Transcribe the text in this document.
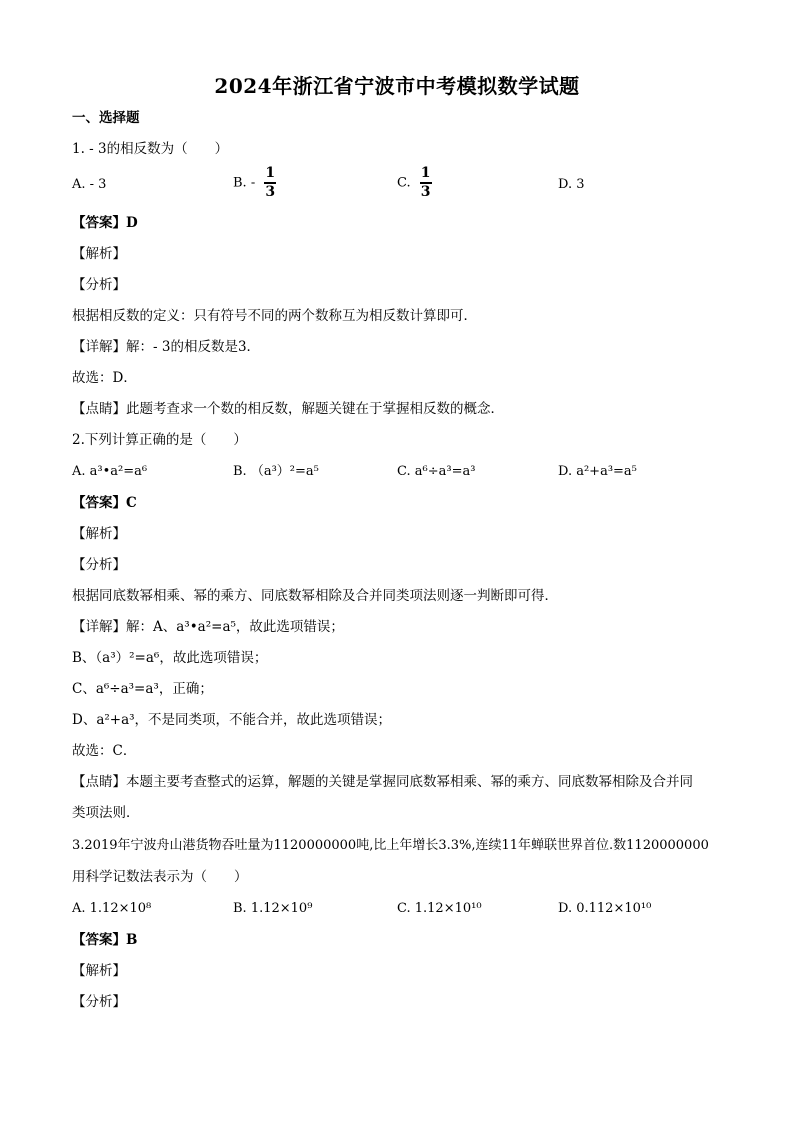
2024年浙江省宁波市中考模拟数学试题
一、选择题
1. - 3的相反数为（　　）
A. - 3	B. - $\frac{1}{3}$	C. $\frac{1}{3}$	D. 3
【答案】D
【解析】
【分析】
根据相反数的定义：只有符号不同的两个数称互为相反数计算即可．
【详解】解：- 3的相反数是3．
故选：D．
【点睛】此题考查求一个数的相反数，解题关键在于掌握相反数的概念．
2.下列计算正确的是（　　）
A. a³•a²=a⁶	B. （a³）²=a⁵	C. a⁶÷a³=a³	D. a²+a³=a⁵
【答案】C
【解析】
【分析】
根据同底数幂相乘、幂的乘方、同底数幂相除及合并同类项法则逐一判断即可得．
【详解】解：A、a³•a²=a⁵，故此选项错误；
B、（a³）²=a⁶，故此选项错误；
C、a⁶÷a³=a³，正确；
D、a²+a³，不是同类项，不能合并，故此选项错误；
故选：C．
【点睛】本题主要考查整式的运算，解题的关键是掌握同底数幂相乘、幂的乘方、同底数幂相除及合并同
类项法则．
3.2019年宁波舟山港货物吞吐量为1120000000吨,比上年增长3.3%,连续11年蝉联世界首位.数1120000000
用科学记数法表示为（　　）
A. 1.12×10⁸	B. 1.12×10⁹	C. 1.12×10¹⁰	D. 0.112×10¹⁰
【答案】B
【解析】
【分析】
